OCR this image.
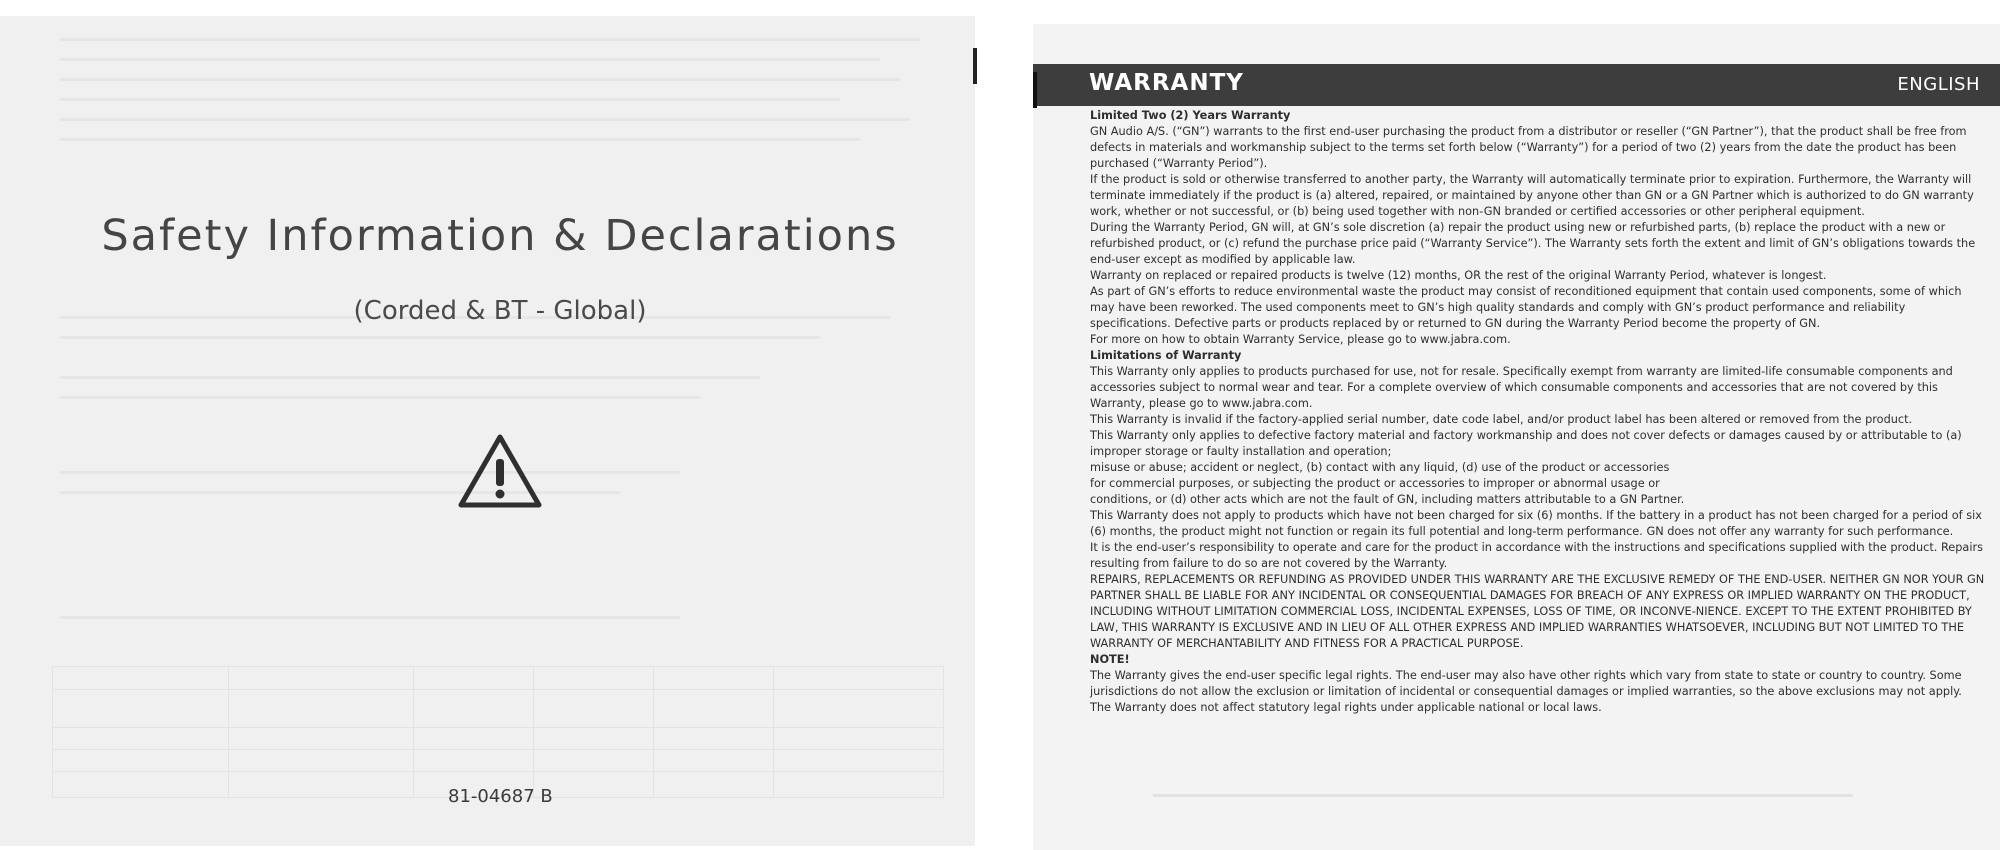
Safety Information & Declarations
(Corded & BT - Global)
81-04687 B
WARRANTY	ENGLISH

Limited Two (2) Years Warranty

GN Audio A/S. (“GN”) warrants to the first end-user purchasing the product from a distributor or reseller (“GN Partner”), that the product shall be free from defects in materials and workmanship subject to the terms set forth below (“Warranty”) for a period of two (2) years from the date the product has been purchased (“Warranty Period”).

If the product is sold or otherwise transferred to another party, the Warranty will automatically terminate prior to expiration. Furthermore, the Warranty will terminate immediately if the product is (a) altered, repaired, or maintained by anyone other than GN or a GN Partner which is authorized to do GN warranty work, whether or not successful, or (b) being used together with non-GN branded or certified accessories or other peripheral equipment.

During the Warranty Period, GN will, at GN’s sole discretion (a) repair the product using new or refurbished parts, (b) replace the product with a new or refurbished product, or (c) refund the purchase price paid (“Warranty Service”). The Warranty sets forth the extent and limit of GN’s obligations towards the end-user except as modified by applicable law.

Warranty on replaced or repaired products is twelve (12) months, OR the rest of the original Warranty Period, whatever is longest.

As part of GN’s efforts to reduce environmental waste the product may consist of reconditioned equipment that contain used components, some of which may have been reworked. The used components meet to GN’s high quality standards and comply with GN’s product performance and reliability specifications. Defective parts or products replaced by or returned to GN during the Warranty Period become the property of GN.

For more on how to obtain Warranty Service, please go to www.jabra.com.

Limitations of Warranty

This Warranty only applies to products purchased for use, not for resale. Specifically exempt from warranty are limited-life consumable components and accessories subject to normal wear and tear. For a complete overview of which consumable components and accessories that are not covered by this Warranty, please go to www.jabra.com.

This Warranty is invalid if the factory-applied serial number, date code label, and/or product label has been altered or removed from the product.

This Warranty only applies to defective factory material and factory workmanship and does not cover defects or damages caused by or attributable to (a) improper storage or faulty installation and operation;

misuse or abuse; accident or neglect, (b) contact with any liquid, (d) use of the product or accessories

for commercial purposes, or subjecting the product or accessories to improper or abnormal usage or

conditions, or (d) other acts which are not the fault of GN, including matters attributable to a GN Partner.

This Warranty does not apply to products which have not been charged for six (6) months. If the battery in a product has not been charged for a period of six (6) months, the product might not function or regain its full potential and long-term performance. GN does not offer any warranty for such performance.

It is the end-user’s responsibility to operate and care for the product in accordance with the instructions and specifications supplied with the product. Repairs resulting from failure to do so are not covered by the Warranty.

REPAIRS, REPLACEMENTS OR REFUNDING AS PROVIDED UNDER THIS WARRANTY ARE THE EXCLUSIVE REMEDY OF THE END-USER. NEITHER GN NOR YOUR GN PARTNER SHALL BE LIABLE FOR ANY INCIDENTAL OR CONSEQUENTIAL DAMAGES FOR BREACH OF ANY EXPRESS OR IMPLIED WARRANTY ON THE PRODUCT, INCLUDING WITHOUT LIMITATION COMMERCIAL LOSS, INCIDENTAL EXPENSES, LOSS OF TIME, OR INCONVE-NIENCE. EXCEPT TO THE EXTENT PROHIBITED BY LAW, THIS WARRANTY IS EXCLUSIVE AND IN LIEU OF ALL OTHER EXPRESS AND IMPLIED WARRANTIES WHATSOEVER, INCLUDING BUT NOT LIMITED TO THE WARRANTY OF MERCHANTABILITY AND FITNESS FOR A PRACTICAL PURPOSE.

NOTE!

The Warranty gives the end-user specific legal rights. The end-user may also have other rights which vary from state to state or country to country. Some jurisdictions do not allow the exclusion or limitation of incidental or consequential damages or implied warranties, so the above exclusions may not apply. The Warranty does not affect statutory legal rights under applicable national or local laws.
